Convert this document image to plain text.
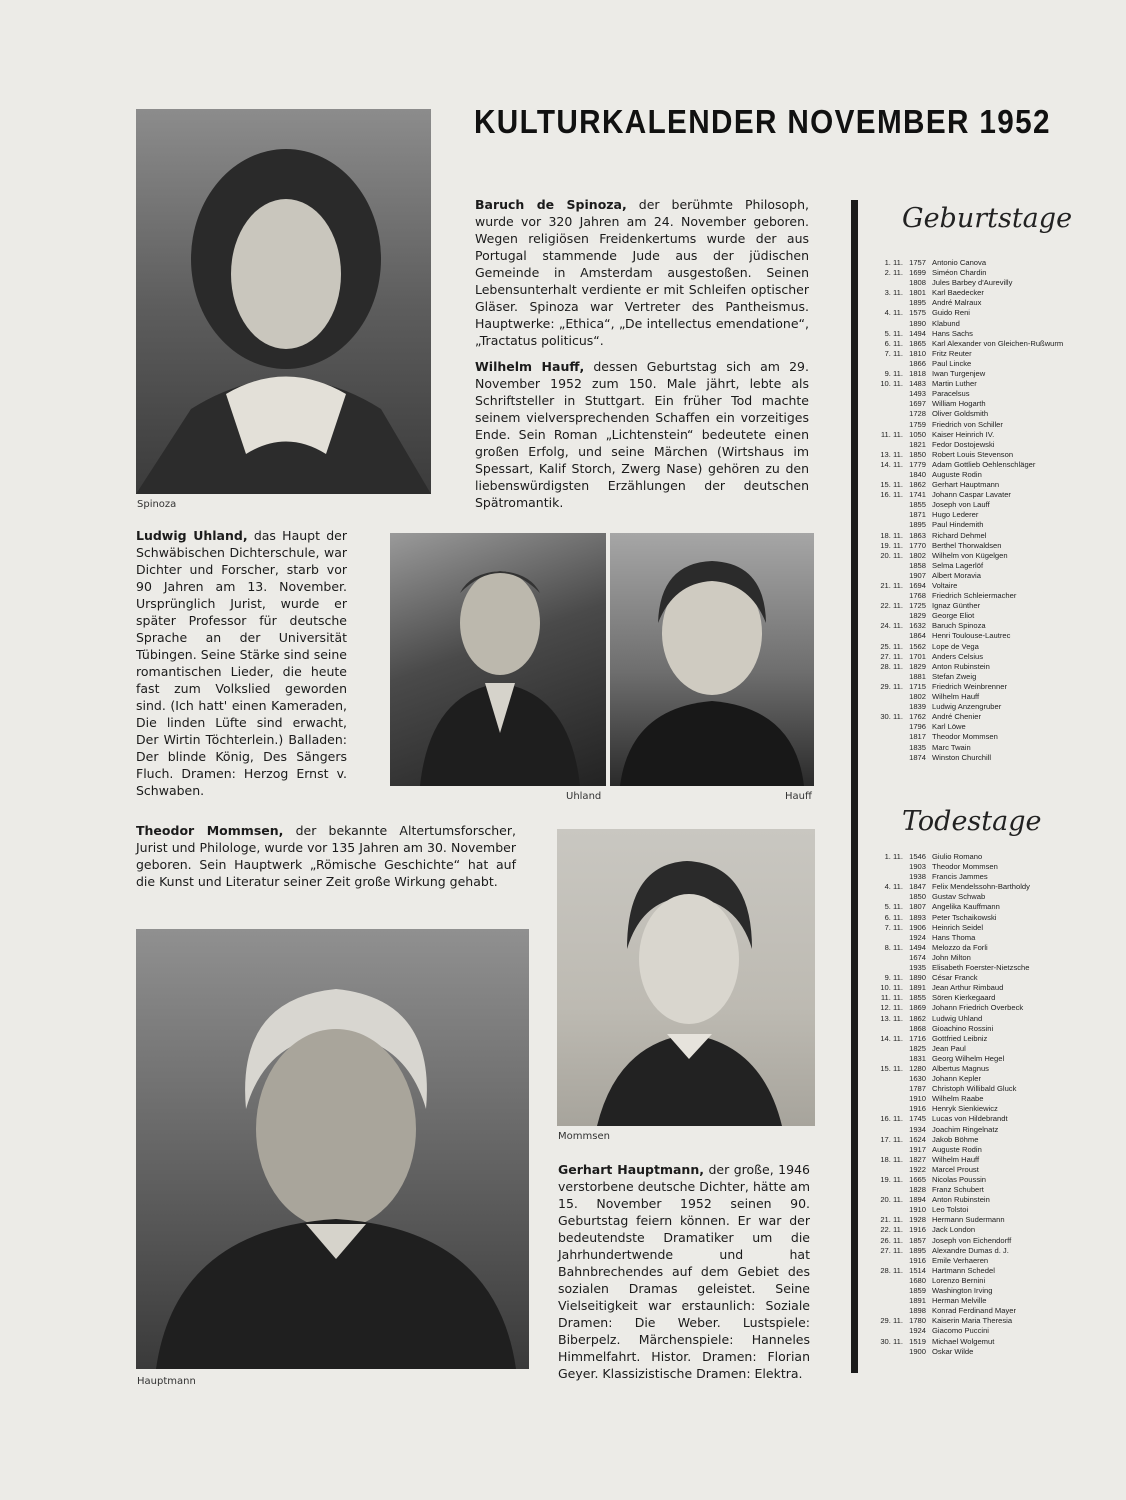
KULTURKALENDER NOVEMBER 1952
Spinoza
Baruch de Spinoza, der berühmte Philosoph, wurde vor 320 Jahren am 24. November geboren. Wegen religiösen Freidenkertums wurde der aus Portugal stammende Jude aus der jüdischen Gemeinde in Amsterdam ausgestoßen. Seinen Lebensunterhalt verdiente er mit Schleifen optischer Gläser. Spinoza war Vertreter des Pantheismus. Hauptwerke: „Ethica“, „De intellectus emendatione“, „Tractatus politicus“.
Wilhelm Hauff, dessen Geburtstag sich am 29. November 1952 zum 150. Male jährt, lebte als Schriftsteller in Stuttgart. Ein früher Tod machte seinem vielversprechenden Schaffen ein vorzeitiges Ende. Sein Roman „Lichtenstein“ bedeutete einen großen Erfolg, und seine Märchen (Wirtshaus im Spessart, Kalif Storch, Zwerg Nase) gehören zu den liebenswürdigsten Erzählungen der deutschen Spätromantik.
Ludwig Uhland, das Haupt der Schwäbischen Dichterschule, war Dichter und Forscher, starb vor 90 Jahren am 13. November. Ursprünglich Jurist, wurde er später Professor für deutsche Sprache an der Universität Tübingen. Seine Stärke sind seine romantischen Lieder, die heute fast zum Volkslied geworden sind. (Ich hatt' einen Kameraden, Die linden Lüfte sind erwacht, Der Wirtin Töchterlein.) Balladen: Der blinde König, Des Sängers Fluch. Dramen: Herzog Ernst v. Schwaben.	Uhland	Hauff
Theodor Mommsen, der bekannte Altertumsforscher, Jurist und Philologe, wurde vor 135 Jahren am 30. November geboren. Sein Hauptwerk „Römische Geschichte“ hat auf die Kunst und Literatur seiner Zeit große Wirkung gehabt.
Mommsen
Hauptmann
Gerhart Hauptmann, der große, 1946 verstorbene deutsche Dichter, hätte am 15. November 1952 seinen 90. Geburtstag feiern können. Er war der bedeutendste Dramatiker um die Jahrhundertwende und hat Bahnbrechendes auf dem Gebiet des sozialen Dramas geleistet. Seine Vielseitigkeit war erstaunlich: Soziale Dramen: Die Weber. Lustspiele: Biberpelz. Märchenspiele: Hanneles Himmelfahrt. Histor. Dramen: Florian Geyer. Klassizistische Dramen: Elektra.
Geburtstage
1. 11. 1757 Antonio Canova
2. 11. 1699 Siméon Chardin
1808 Jules Barbey d'Aurevilly
3. 11. 1801 Karl Baedecker
1895 André Malraux
4. 11. 1575 Guido Reni
1890 Klabund
5. 11. 1494 Hans Sachs
6. 11. 1865 Karl Alexander von Gleichen-Rußwurm
7. 11. 1810 Fritz Reuter
1866 Paul Lincke
9. 11. 1818 Iwan Turgenjew
10. 11. 1483 Martin Luther
1493 Paracelsus
1697 William Hogarth
1728 Oliver Goldsmith
1759 Friedrich von Schiller
11. 11. 1050 Kaiser Heinrich IV.
1821 Fedor Dostojewski
13. 11. 1850 Robert Louis Stevenson
14. 11. 1779 Adam Gottlieb Oehlenschläger
1840 Auguste Rodin
15. 11. 1862 Gerhart Hauptmann
16. 11. 1741 Johann Caspar Lavater
1855 Joseph von Lauff
1871 Hugo Lederer
1895 Paul Hindemith
18. 11. 1863 Richard Dehmel
19. 11. 1770 Berthel Thorwaldsen
20. 11. 1802 Wilhelm von Kügelgen
1858 Selma Lagerlöf
1907 Albert Moravia
21. 11. 1694 Voltaire
1768 Friedrich Schleiermacher
22. 11. 1725 Ignaz Günther
1829 George Eliot
24. 11. 1632 Baruch Spinoza
1864 Henri Toulouse-Lautrec
25. 11. 1562 Lope de Vega
27. 11. 1701 Anders Celsius
28. 11. 1829 Anton Rubinstein
1881 Stefan Zweig
29. 11. 1715 Friedrich Weinbrenner
1802 Wilhelm Hauff
1839 Ludwig Anzengruber
30. 11. 1762 André Chenier
1796 Karl Löwe
1817 Theodor Mommsen
1835 Marc Twain
1874 Winston Churchill
Todestage
1. 11. 1546 Giulio Romano
1903 Theodor Mommsen
1938 Francis Jammes
4. 11. 1847 Felix Mendelssohn-Bartholdy
1850 Gustav Schwab
5. 11. 1807 Angelika Kauffmann
6. 11. 1893 Peter Tschaikowski
7. 11. 1906 Heinrich Seidel
1924 Hans Thoma
8. 11. 1494 Melozzo da Forli
1674 John Milton
1935 Elisabeth Foerster-Nietzsche
9. 11. 1890 César Franck
10. 11. 1891 Jean Arthur Rimbaud
11. 11. 1855 Sören Kierkegaard
12. 11. 1869 Johann Friedrich Overbeck
13. 11. 1862 Ludwig Uhland
1868 Gioachino Rossini
14. 11. 1716 Gottfried Leibniz
1825 Jean Paul
1831 Georg Wilhelm Hegel
15. 11. 1280 Albertus Magnus
1630 Johann Kepler
1787 Christoph Willibald Gluck
1910 Wilhelm Raabe
1916 Henryk Sienkiewicz
16. 11. 1745 Lucas von Hildebrandt
1934 Joachim Ringelnatz
17. 11. 1624 Jakob Böhme
1917 Auguste Rodin
18. 11. 1827 Wilhelm Hauff
1922 Marcel Proust
19. 11. 1665 Nicolas Poussin
1828 Franz Schubert
20. 11. 1894 Anton Rubinstein
1910 Leo Tolstoi
21. 11. 1928 Hermann Sudermann
22. 11. 1916 Jack London
26. 11. 1857 Joseph von Eichendorff
27. 11. 1895 Alexandre Dumas d. J.
1916 Emile Verhaeren
28. 11. 1514 Hartmann Schedel
1680 Lorenzo Bernini
1859 Washington Irving
1891 Herman Melville
1898 Konrad Ferdinand Mayer
29. 11. 1780 Kaiserin Maria Theresia
1924 Giacomo Puccini
30. 11. 1519 Michael Wolgemut
1900 Oskar Wilde
